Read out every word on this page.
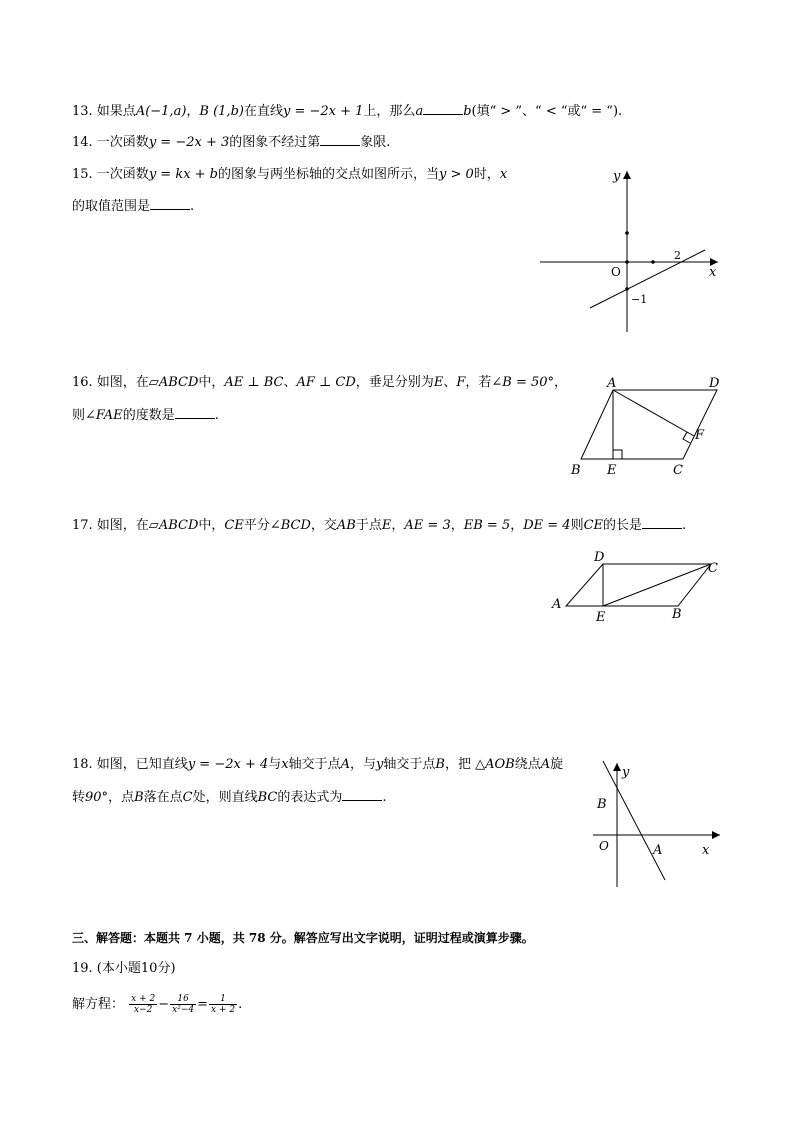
13. 如果点A(−1,a)，B (1,b)在直线y = −2x + 1上，那么a	b(填“ > ”、“ < “或“ = “).
14. 一次函数y = −2x + 3的图象不经过第	象限.
15. 一次函数y = kx + b的图象与两坐标轴的交点如图所示，当y > 0时，x
的取值范围是	.
y
x
O
2
−1
16. 如图，在▱ABCD中，AE ⊥ BC、AF ⊥ CD，垂足分别为E、F，若∠B = 50°，
则∠FAE的度数是	.
A	D
B E	C
F
17. 如图，在▱ABCD中，CE平分∠BCD，交AB于点E，AE = 3，EB = 5，DE = 4则CE的长是	.
A
D
C
E	B
18. 如图，已知直线y = −2x + 4与x轴交于点A，与y轴交于点B，把 △AOB绕点A旋
转90°，点B落在点C处，则直线BC的表达式为	.
y
x
O	A
B
三、解答题：本题共 7 小题，共 78 分。解答应写出文字说明，证明过程或演算步骤。
19. (本小题10分)
解方程： $\frac{x + 2}{x-2} - \frac{16}{\text{x²−4}} = \frac{1}{x + 2}$ .
